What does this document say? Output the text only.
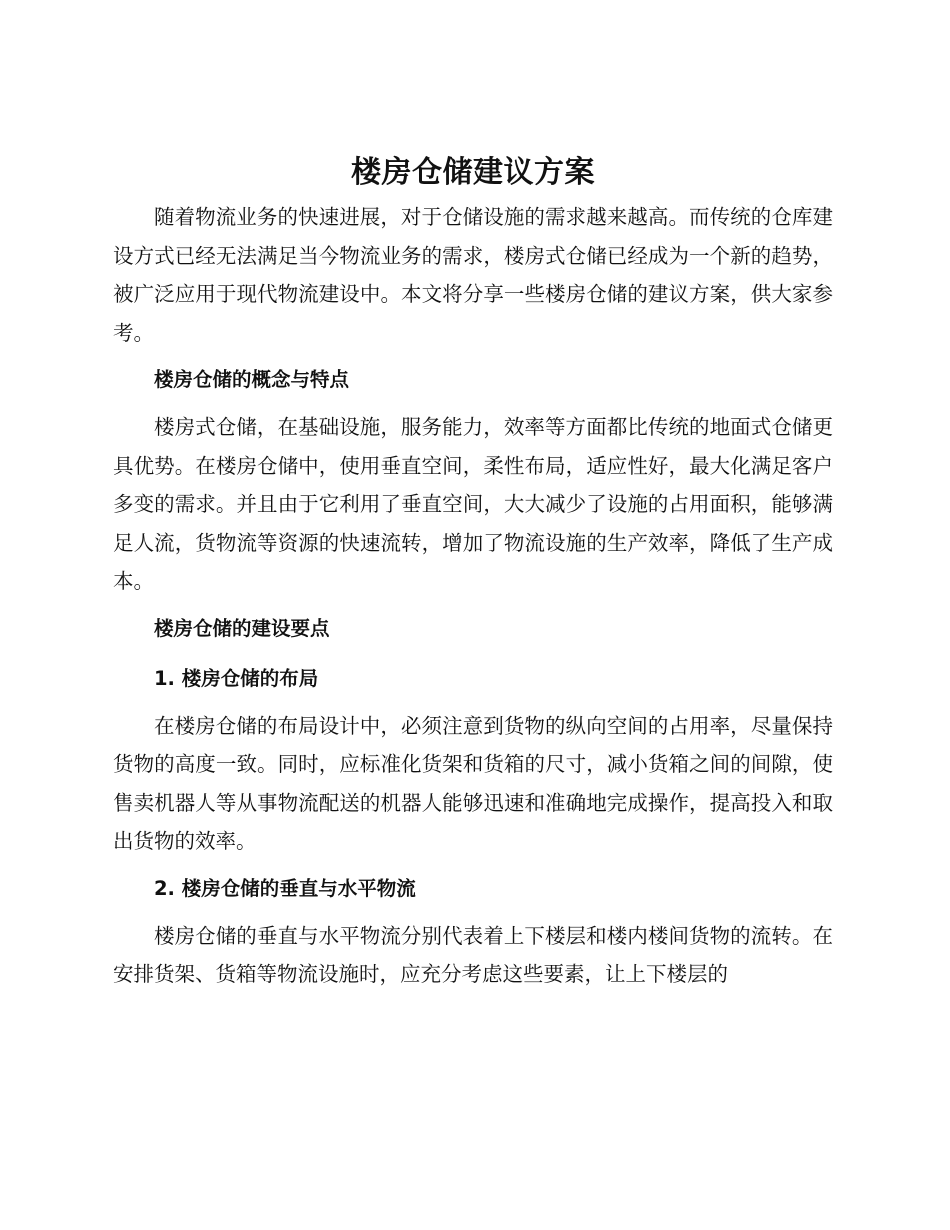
楼房仓储建议方案

随着物流业务的快速进展，对于仓储设施的需求越来越高。而传统的仓库建设方式已经无法满足当今物流业务的需求，楼房式仓储已经成为一个新的趋势，被广泛应用于现代物流建设中。本文将分享一些楼房仓储的建议方案，供大家参考。

楼房仓储的概念与特点

楼房式仓储，在基础设施，服务能力，效率等方面都比传统的地面式仓储更具优势。在楼房仓储中，使用垂直空间，柔性布局，适应性好，最大化满足客户多变的需求。并且由于它利用了垂直空间，大大减少了设施的占用面积，能够满足人流，货物流等资源的快速流转，增加了物流设施的生产效率，降低了生产成本。

楼房仓储的建设要点

1. 楼房仓储的布局

在楼房仓储的布局设计中，必须注意到货物的纵向空间的占用率，尽量保持货物的高度一致。同时，应标准化货架和货箱的尺寸，减小货箱之间的间隙，使售卖机器人等从事物流配送的机器人能够迅速和准确地完成操作，提高投入和取出货物的效率。

2. 楼房仓储的垂直与水平物流

楼房仓储的垂直与水平物流分别代表着上下楼层和楼内楼间货物的流转。在安排货架、货箱等物流设施时，应充分考虑这些要素，让上下楼层的
